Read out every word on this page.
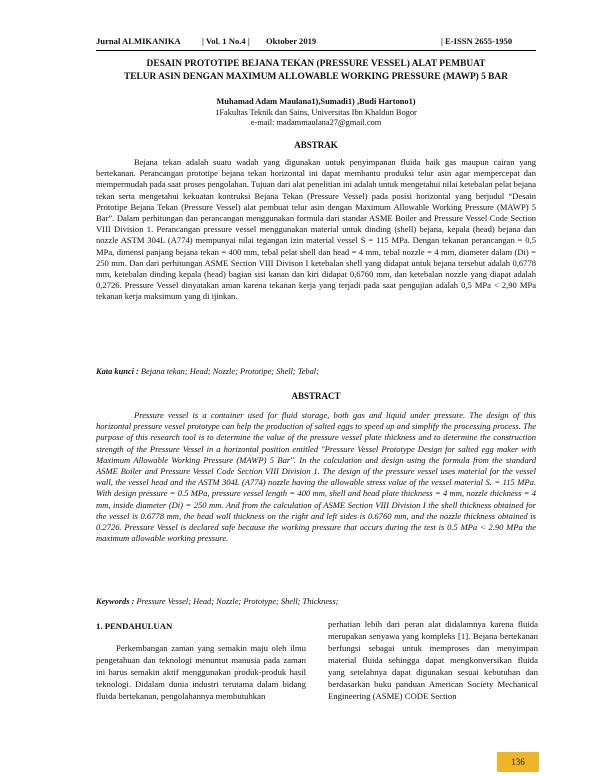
Jurnal ALMIKANIKA | Vol. 1 No.4 | Oktober 2019	| E-ISSN 2655-1950
DESAIN PROTOTIPE BEJANA TEKAN (PRESSURE VESSEL) ALAT PEMBUAT
TELUR ASIN DENGAN MAXIMUM ALLOWABLE WORKING PRESSURE (MAWP) 5 BAR
Muhamad Adam Maulana1),Sumadi1) ,Budi Hartono1)
1Fakultas Teknik dan Sains, Universitas Ibn Khaldun Bogor
e-mail: madammaulana27@gmail.com
ABSTRAK

Bejana tekan adalah suatu wadah yang digunakan untuk penyimpanan fluida baik gas maupun cairan yang bertekanan. Perancangan prototipe bejana tekan horizontal ini dapat membantu produksi telur asin agar mempercepat dan mempermudah pada saat proses pengolahan. Tujuan dari alat penelitian ini adalah untuk mengetahui nilai ketebalan pelat bejana tekan serta mengetahui kekuatan kontruksi Bejana Tekan (Pressure Vessel) pada posisi horizontal yang berjudul “Desain Prototipe Bejana Tekan (Pressure Vessel) alat pembuat telur asin dengan Maximum Allowable Working Pressure (MAWP) 5 Bar”. Dalam perhitungan dan perancangan menggunakan formula dari standar ASME Boiler and Pressure Vessel Code Section VIII Division 1. Perancangan pressure vessel menggunakan material untuk dinding (shell) bejana, kepala (head) bejana dan nozzle ASTM 304L (A774) mempunyai nilai tegangan izin material vessel S = 115 MPa. Dengan tekanan perancangan = 0,5 MPa, dimensi panjang bejana tekan = 400 mm, tebal pelat shell dan head = 4 mm, tebal nozzle = 4 mm, diameter dalam (Di) = 250 mm. Dan dari perhitungan ASME Section VIII Divison I ketebalan shell yang didapat untuk bejana tersebut adalah 0,6778 mm, ketebalan dinding kepala (head) bagian sisi kanan dan kiri didapat 0,6760 mm, dan ketebalan nozzle yang diapat adalah 0,2726. Pressure Vessel dinyatakan aman karena tekanan kerja yang terjadi pada saat pengujian adalah 0,5 MPa < 2,90 MPa tekanan kerja maksimum yang di ijinkan.

Kata kunci : Bejana tekan; Head; Nozzle; Prototipe; Shell; Tebal;
ABSTRACT

Pressure vessel is a container used for fluid storage, both gas and liquid under pressure. The design of this horizontal pressure vessel prototype can help the production of salted eggs to speed up and simplify the processing process. The purpose of this research tool is to determine the value of the pressure vessel plate thickness and to determine the construction strength of the Pressure Vessel in a horizontal position entitled "Pressure Vessel Prototype Design for salted egg maker with Maximum Allowable Working Pressure (MAWP) 5 Bar". In the calculation and design using the formula from the standard ASME Boiler and Pressure Vessel Code Section VIII Division 1. The design of the pressure vessel uses material for the vessel wall, the vessel head and the ASTM 304L (A774) nozzle having the allowable stress value of the vessel material S. = 115 MPa. With design pressure = 0.5 MPa, pressure vessel length = 400 mm, shell and head plate thickness = 4 mm, nozzle thickness = 4 mm, inside diameter (Di) = 250 mm. And from the calculation of ASME Section VIII Division I the shell thickness obtained for the vessel is 0.6778 mm, the head wall thickness on the right and left sides is 0.6760 mm, and the nozzle thickness obtained is 0.2726. Pressure Vessel is declared safe because the working pressure that occurs during the test is 0.5 MPa < 2.90 MPa the maximum allowable working pressure.

Keywords : Pressure Vessel; Head; Nozzle; Prototype; Shell; Thickness;

1. PENDAHULUAN

Perkembangan zaman yang semakin maju oleh ilmu pengetahuan dan teknologi menuntut manusia pada zaman ini harus semakin aktif menggunakan produk-produk hasil teknologi. Didalam dunia industri terutama dalam bidang fluida bertekanan, pengolahannya membutuhkan

perhatian lebih dari peran alat didalamnya karena fluida merupakan senyawa yang kompleks [1]. Bejana bertekanan berfungsi sebagai untuk memproses dan menyimpan material fluida sehingga dapat mengkonversikan fluida yang setelahnya dapat digunakan sesuai kebutuhan dan berdasarkan buku panduan American Society Mechanical Engineering (ASME) CODE Section

136
